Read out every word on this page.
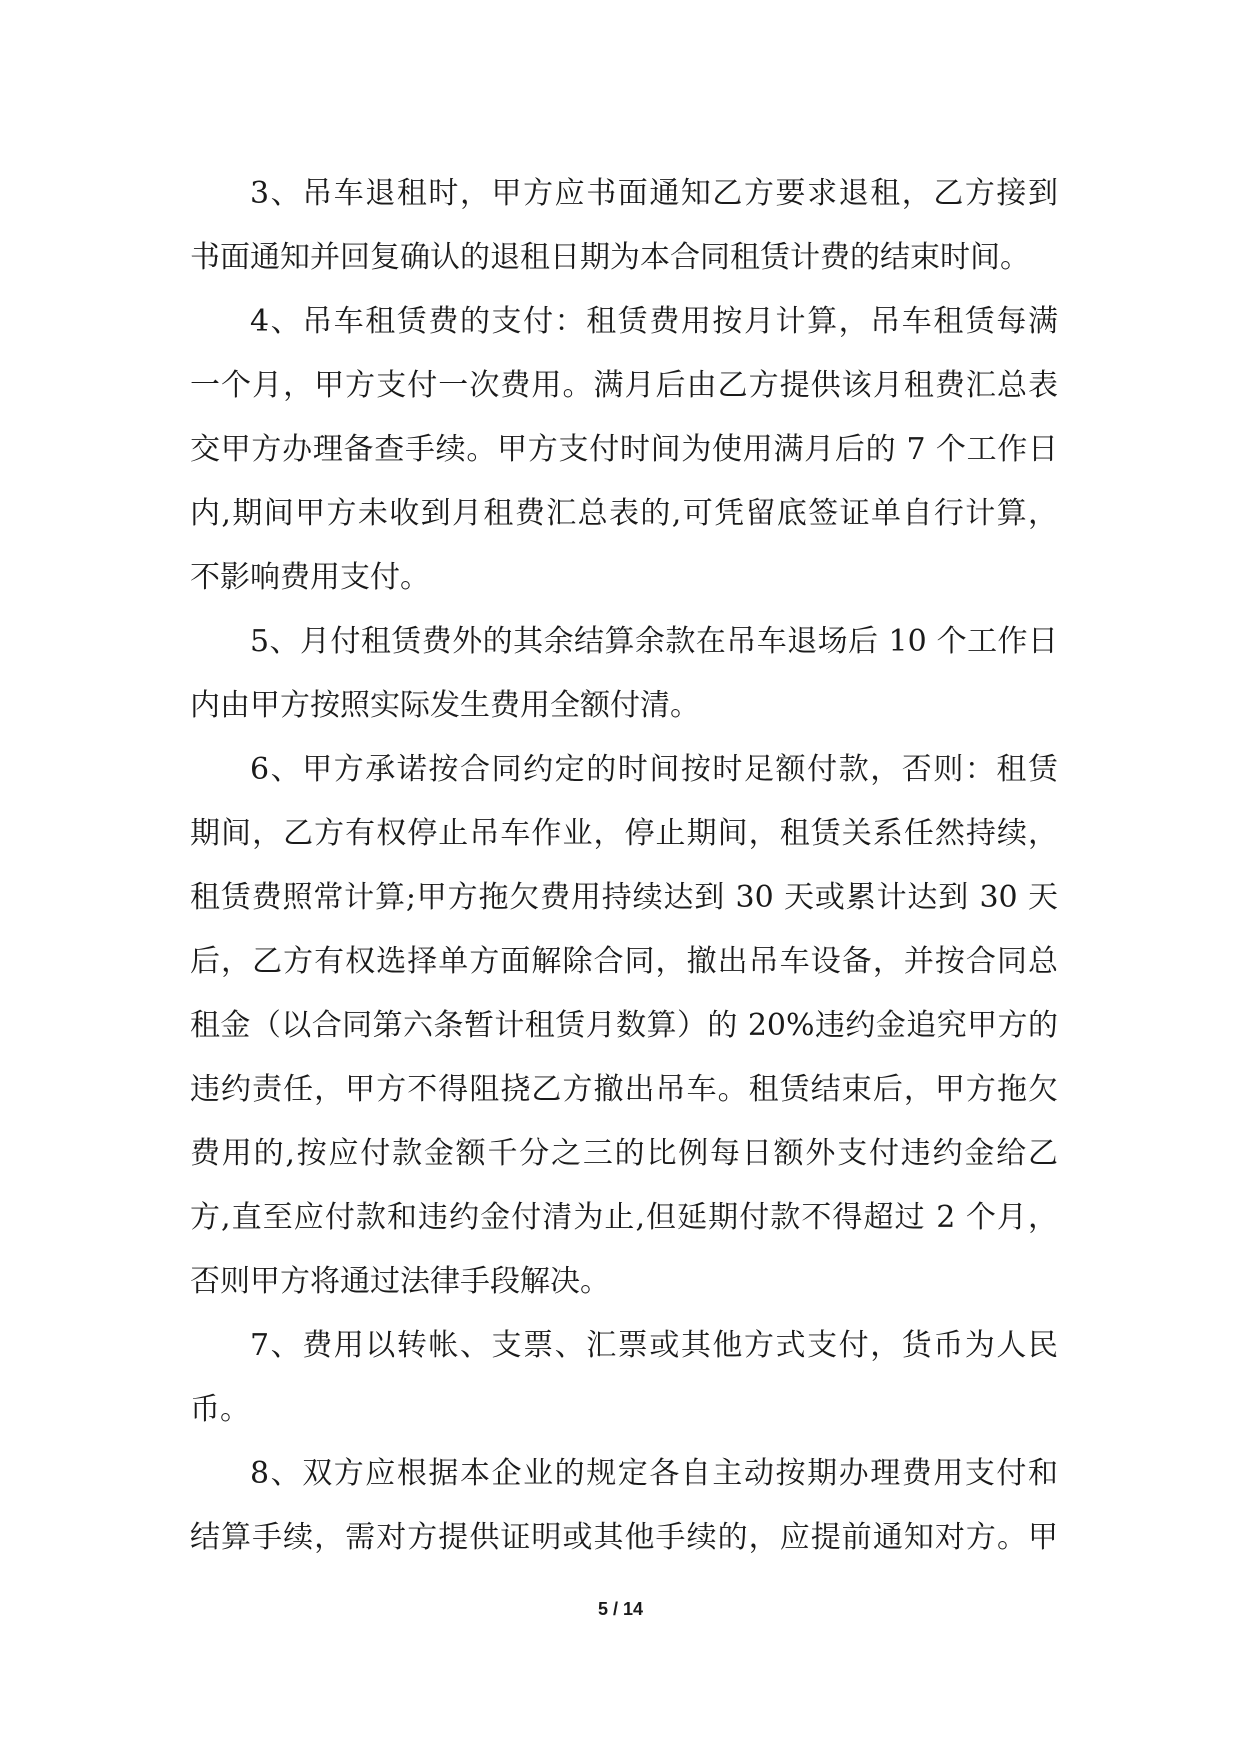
3、吊车退租时，甲方应书面通知乙方要求退租，乙方接到
书面通知并回复确认的退租日期为本合同租赁计费的结束时间。
4、吊车租赁费的支付：租赁费用按月计算，吊车租赁每满
一个月，甲方支付一次费用。满月后由乙方提供该月租费汇总表
交甲方办理备查手续。甲方支付时间为使用满月后的 7 个工作日
内,期间甲方未收到月租费汇总表的,可凭留底签证单自行计算，
不影响费用支付。
5、月付租赁费外的其余结算余款在吊车退场后 10 个工作日
内由甲方按照实际发生费用全额付清。
6、甲方承诺按合同约定的时间按时足额付款，否则：租赁
期间，乙方有权停止吊车作业，停止期间，租赁关系任然持续，
租赁费照常计算;甲方拖欠费用持续达到 30 天或累计达到 30 天
后，乙方有权选择单方面解除合同，撤出吊车设备，并按合同总
租金（以合同第六条暂计租赁月数算）的 20%违约金追究甲方的
违约责任，甲方不得阻挠乙方撤出吊车。租赁结束后，甲方拖欠
费用的,按应付款金额千分之三的比例每日额外支付违约金给乙
方,直至应付款和违约金付清为止,但延期付款不得超过 2 个月，
否则甲方将通过法律手段解决。
7、费用以转帐、支票、汇票或其他方式支付，货币为人民
币。
8、双方应根据本企业的规定各自主动按期办理费用支付和
结算手续，需对方提供证明或其他手续的，应提前通知对方。甲
5 / 14
